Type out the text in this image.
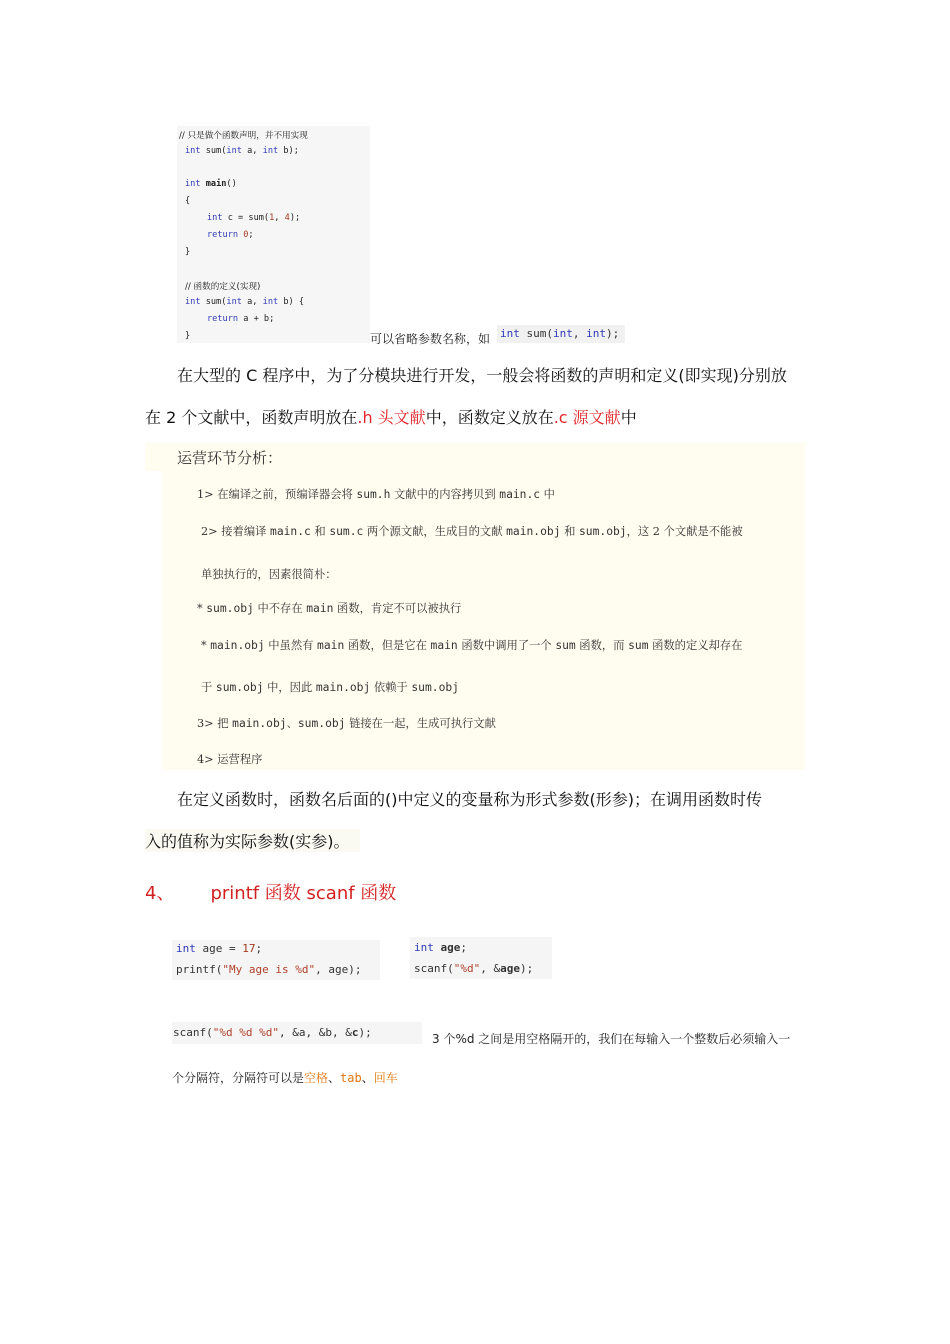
// 只是做个函数声明，并不用实现
int sum(int a, int b);
int main()
{
int c = sum(1, 4);
return 0;
}
// 函数的定义(实现)
int sum(int a, int b) {
return a + b;
}	可以省略参数名称，如 int sum(int, int);
在大型的 C 程序中，为了分模块进行开发，一般会将函数的声明和定义(即实现)分别放
在 2 个文献中，函数声明放在.h 头文献中，函数定义放在.c 源文献中
运营环节分析：
1> 在编译之前，预编译器会将 sum.h 文献中的内容拷贝到 main.c 中
2> 接着编译 main.c 和 sum.c 两个源文献，生成目的文献 main.obj 和 sum.obj，这 2 个文献是不能被
单独执行的，因素很简朴：
* sum.obj 中不存在 main 函数，肯定不可以被执行
* main.obj 中虽然有 main 函数，但是它在 main 函数中调用了一个 sum 函数，而 sum 函数的定义却存在
于 sum.obj 中，因此 main.obj 依赖于 sum.obj
3> 把 main.obj、sum.obj 链接在一起，生成可执行文献
4> 运营程序
在定义函数时，函数名后面的()中定义的变量称为形式参数(形参)；在调用函数时传
入的值称为实际参数(实参)。
4、 printf 函数 scanf 函数

int age = 17;

printf("My age is %d", age);

int age;

scanf("%d", &age);

scanf("%d %d %d", &a, &b, &c);	3 个%d 之间是用空格隔开的，我们在每输入一个整数后必须输入一
个分隔符，分隔符可以是空格、tab、回车
